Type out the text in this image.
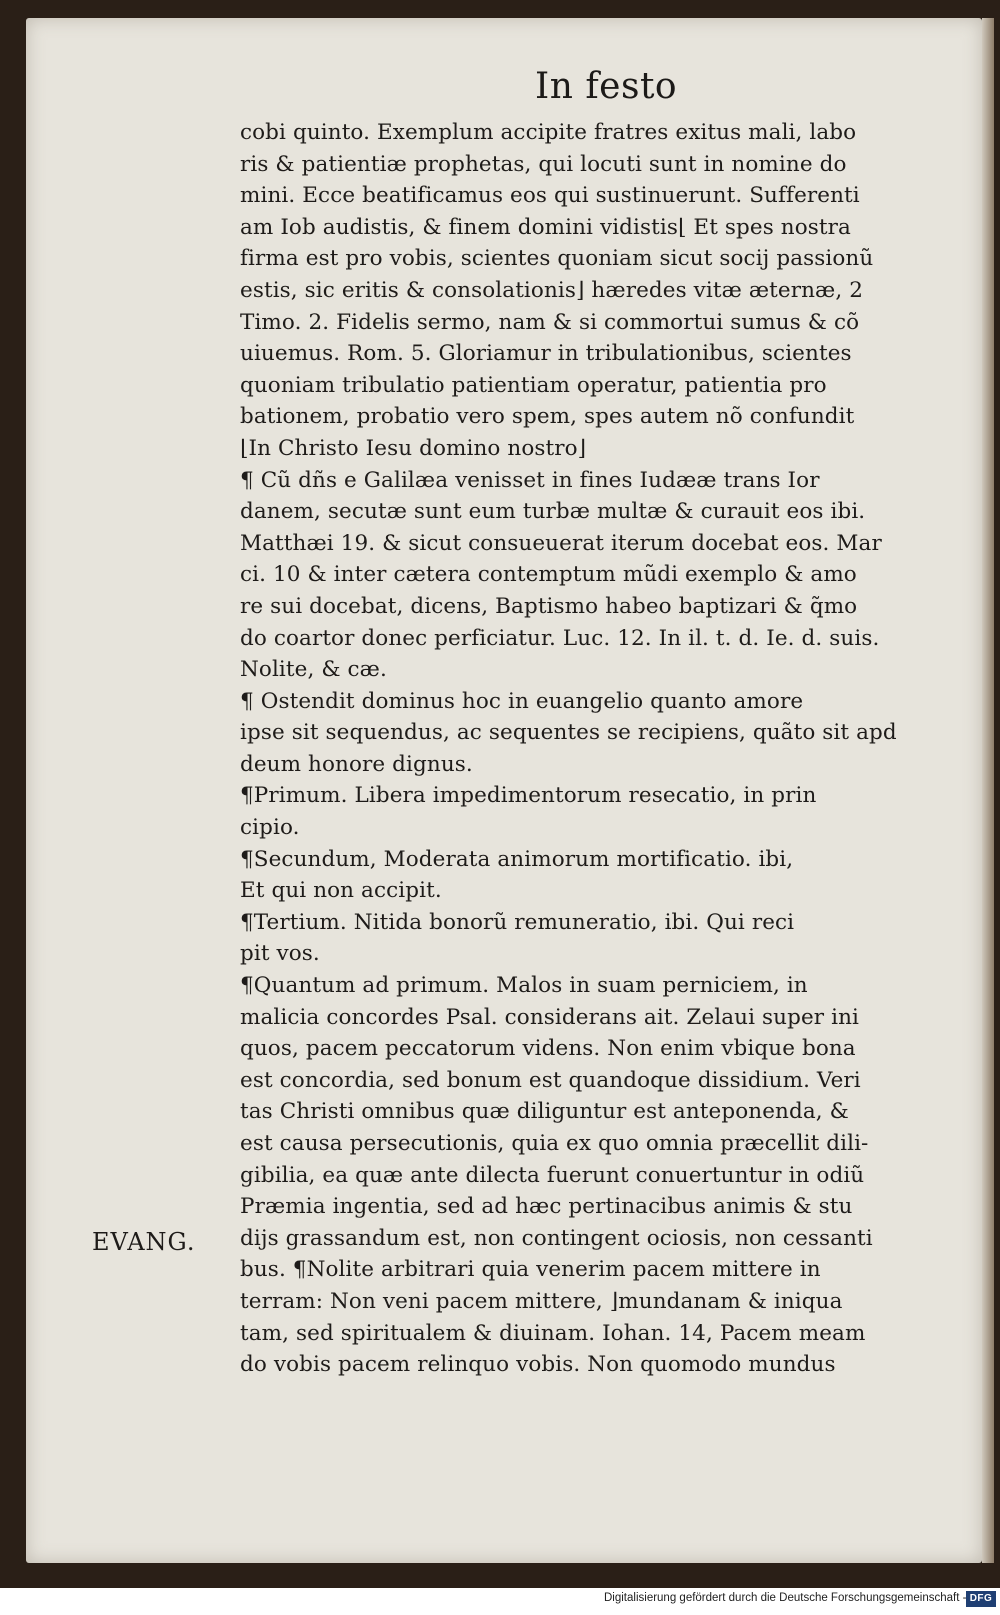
In festo
EVANG.
cobi quinto. Exemplum accipite fratres exitus mali, labo
ris & patientiæ prophetas, qui locuti sunt in nomine do
mini. Ecce beatificamus eos qui sustinuerunt. Sufferenti
am Iob audistis, & finem domini vidistis⌊ Et spes nostra
firma est pro vobis, scientes quoniam sicut socij passionũ
estis, sic eritis & consolationis⌋ hæredes vitæ æternæ, 2
Timo. 2. Fidelis sermo, nam & si commortui sumus & cõ
uiuemus. Rom. 5. Gloriamur in tribulationibus, scientes
quoniam tribulatio patientiam operatur, patientia pro
bationem, probatio vero spem, spes autem nõ confundit
⌊In Christo Iesu domino nostro⌋
¶ Cũ dñs e Galilæa venisset in fines Iudææ trans Ior
danem, secutæ sunt eum turbæ multæ & curauit eos ibi.
Matthæi 19. & sicut consueuerat iterum docebat eos. Mar
ci. 10 & inter cætera contemptum mũdi exemplo & amo
re sui docebat, dicens, Baptismo habeo baptizari & q̃mo
do coartor donec perficiatur. Luc. 12. In il. t. d. Ie. d. suis.
Nolite, & cæ.
¶ Ostendit dominus hoc in euangelio quanto amore
ipse sit sequendus, ac sequentes se recipiens, quãto sit apd
deum honore dignus.
¶Primum. Libera impedimentorum resecatio, in prin
cipio.
¶Secundum, Moderata animorum mortificatio. ibi,
Et qui non accipit.
¶Tertium. Nitida bonorũ remuneratio, ibi. Qui reci
pit vos.
¶Quantum ad primum. Malos in suam perniciem, in
malicia concordes Psal. considerans ait. Zelaui super ini
quos, pacem peccatorum videns. Non enim vbique bona
est concordia, sed bonum est quandoque dissidium. Veri
tas Christi omnibus quæ diliguntur est anteponenda, &
est causa persecutionis, quia ex quo omnia præcellit dili-
gibilia, ea quæ ante dilecta fuerunt conuertuntur in odiũ
Præmia ingentia, sed ad hæc pertinacibus animis & stu
dijs grassandum est, non contingent ociosis, non cessanti
bus. ¶Nolite arbitrari quia venerim pacem mittere in
terram: Non veni pacem mittere, ⌋mundanam & iniqua
tam, sed spiritualem & diuinam. Iohan. 14, Pacem meam
do vobis pacem relinquo vobis. Non quomodo mundus
Digitalisierung gefördert durch die Deutsche Forschungsgemeinschaft - DFG
